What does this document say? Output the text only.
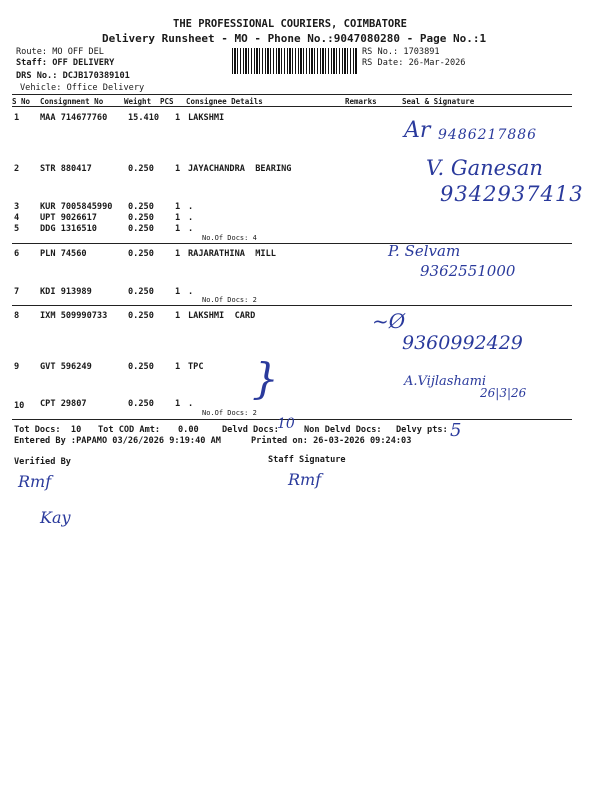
THE PROFESSIONAL COURIERS, COIMBATORE
Delivery Runsheet - MO - Phone No.:9047080280 - Page No.:1
Route: MO OFF DEL
Staff: OFF DELIVERY
DRS No.: DCJB170389101
Vehicle: Office Delivery
RS No.: 1703891
RS Date: 26-Mar-2026
S No Consignment No	Weight PCS Consignee Details	Remarks	Seal & Signature
1 MAA 714677760 15.410 1 LAKSHMI
2 STR 880417	0.250 1 JAYACHANDRA  BEARING
3 KUR 7005845990 0.250 1 .
4 UPT 9026617	0.250 1 .
5 DDG 1316510	0.250 1 .
No.Of Docs: 4
6 PLN 74560	0.250 1 RAJARATHINA  MILL
7 KDI 913989	0.250 1 .
No.Of Docs: 2
8 IXM 509990733 0.250 1 LAKSHMI  CARD
9 GVT 596249	0.250 1 TPC
10 CPT 29807	0.250 1 .
No.Of Docs: 2
Tot Docs:  10 Tot COD Amt: 0.00	Delvd Docs:	Non Delvd Docs: Delvy pts:
Entered By :PAPAMO 03/26/2026 9:19:40 AM	Printed on: 26-03-2026 09:24:03
Verified By	Staff Signature
Ar 9486217886
V. Ganesan
9342937413
P. Selvam
9362551000
~Ø
9360992429
}	A.Vijlashami
26|3|26
10	5
Rmf
Kay
Rmf
